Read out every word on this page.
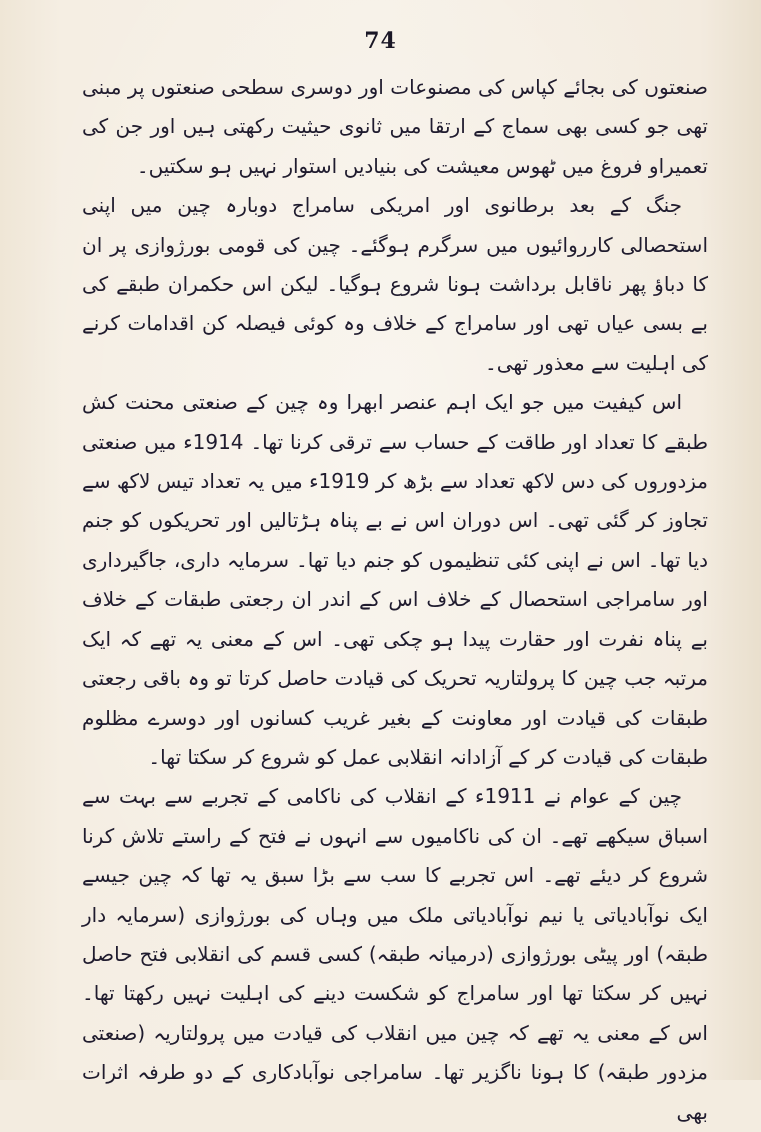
74

صنعتوں کی بجائے کپاس کی مصنوعات اور دوسری سطحی صنعتوں پر مبنی تھی جو کسی بھی سماج کے ارتقا میں ثانوی حیثیت رکھتی ہیں اور جن کی تعمیراو فروغ میں ٹھوس معیشت کی بنیادیں استوار نہیں ہو سکتیں۔

جنگ کے بعد برطانوی اور امریکی سامراج دوبارہ چین میں اپنی استحصالی کارروائیوں میں سرگرم ہوگئے۔ چین کی قومی بورژوازی پر ان کا دباؤ پھر ناقابل برداشت ہونا شروع ہوگیا۔ لیکن اس حکمران طبقے کی بے بسی عیاں تھی اور سامراج کے خلاف وہ کوئی فیصلہ کن اقدامات کرنے کی اہلیت سے معذور تھی۔

اس کیفیت میں جو ایک اہم عنصر ابھرا وہ چین کے صنعتی محنت کش طبقے کا تعداد اور طاقت کے حساب سے ترقی کرنا تھا۔ 1914ء میں صنعتی مزدوروں کی دس لاکھ تعداد سے بڑھ کر 1919ء میں یہ تعداد تیس لاکھ سے تجاوز کر گئی تھی۔ اس دوران اس نے بے پناہ ہڑتالیں اور تحریکوں کو جنم دیا تھا۔ اس نے اپنی کئی تنظیموں کو جنم دیا تھا۔ سرمایہ داری، جاگیرداری اور سامراجی استحصال کے خلاف اس کے اندر ان رجعتی طبقات کے خلاف بے پناہ نفرت اور حقارت پیدا ہو چکی تھی۔ اس کے معنی یہ تھے کہ ایک مرتبہ جب چین کا پرولتاریہ تحریک کی قیادت حاصل کرتا تو وہ باقی رجعتی طبقات کی قیادت اور معاونت کے بغیر غریب کسانوں اور دوسرے مظلوم طبقات کی قیادت کر کے آزادانہ انقلابی عمل کو شروع کر سکتا تھا۔

چین کے عوام نے 1911ء کے انقلاب کی ناکامی کے تجربے سے بہت سے اسباق سیکھے تھے۔ ان کی ناکامیوں سے انہوں نے فتح کے راستے تلاش کرنا شروع کر دیئے تھے۔ اس تجربے کا سب سے بڑا سبق یہ تھا کہ چین جیسے ایک نوآبادیاتی یا نیم نوآبادیاتی ملک میں وہاں کی بورژوازی (سرمایہ دار طبقہ) اور پیٹی بورژوازی (درمیانہ طبقہ) کسی قسم کی انقلابی فتح حاصل نہیں کر سکتا تھا اور سامراج کو شکست دینے کی اہلیت نہیں رکھتا تھا۔ اس کے معنی یہ تھے کہ چین میں انقلاب کی قیادت میں پرولتاریہ (صنعتی مزدور طبقہ) کا ہونا ناگزیر تھا۔ سامراجی نوآبادکاری کے دو طرفہ اثرات بھی
